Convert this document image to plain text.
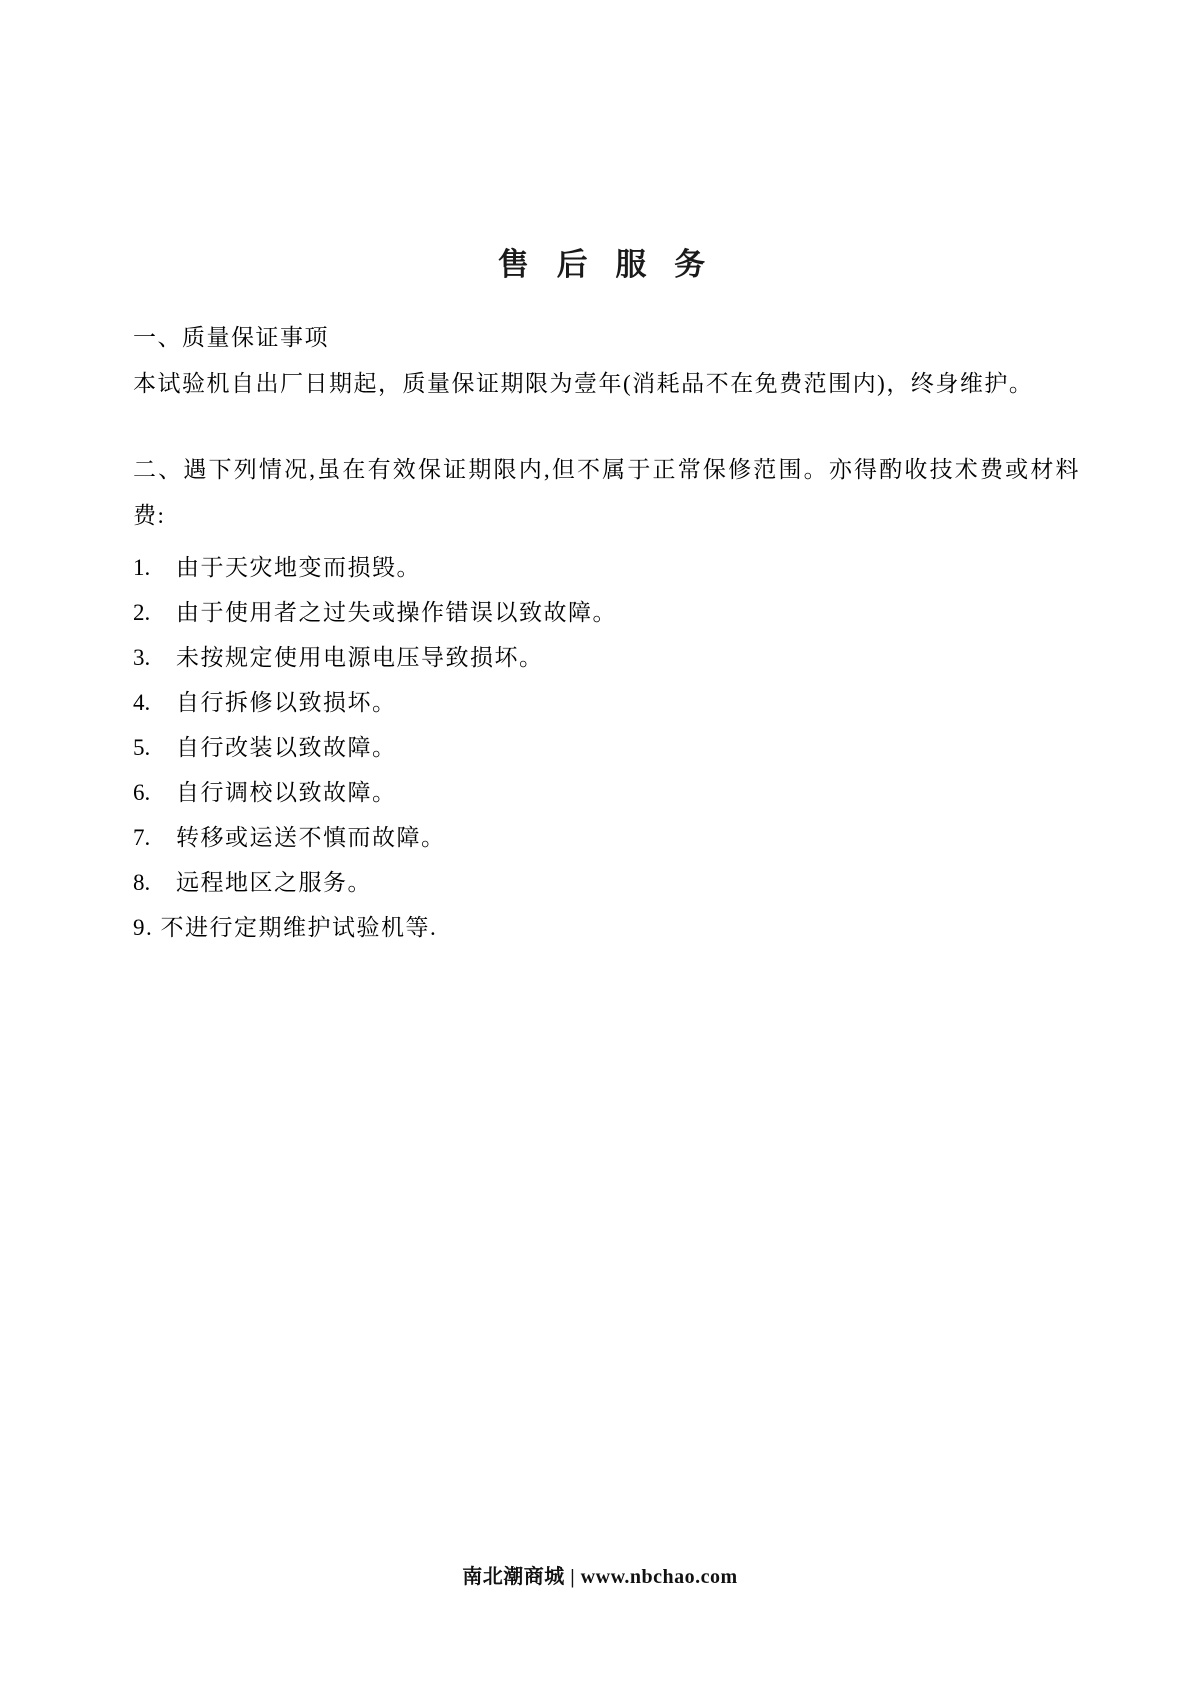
售 后 服 务

一、质量保证事项

本试验机自出厂日期起，质量保证期限为壹年(消耗品不在免费范围内)，终身维护。

二、遇下列情况,虽在有效保证期限内,但不属于正常保修范围。亦得酌收技术费或材料费:

1.	由于天灾地变而损毁。
2.	由于使用者之过失或操作错误以致故障。
3.	未按规定使用电源电压导致损坏。
4.	自行拆修以致损坏。
5.	自行改装以致故障。
6.	自行调校以致故障。
7.	转移或运送不慎而故障。
8.	远程地区之服务。

9. 不进行定期维护试验机等.

南北潮商城 | www.nbchao.com
